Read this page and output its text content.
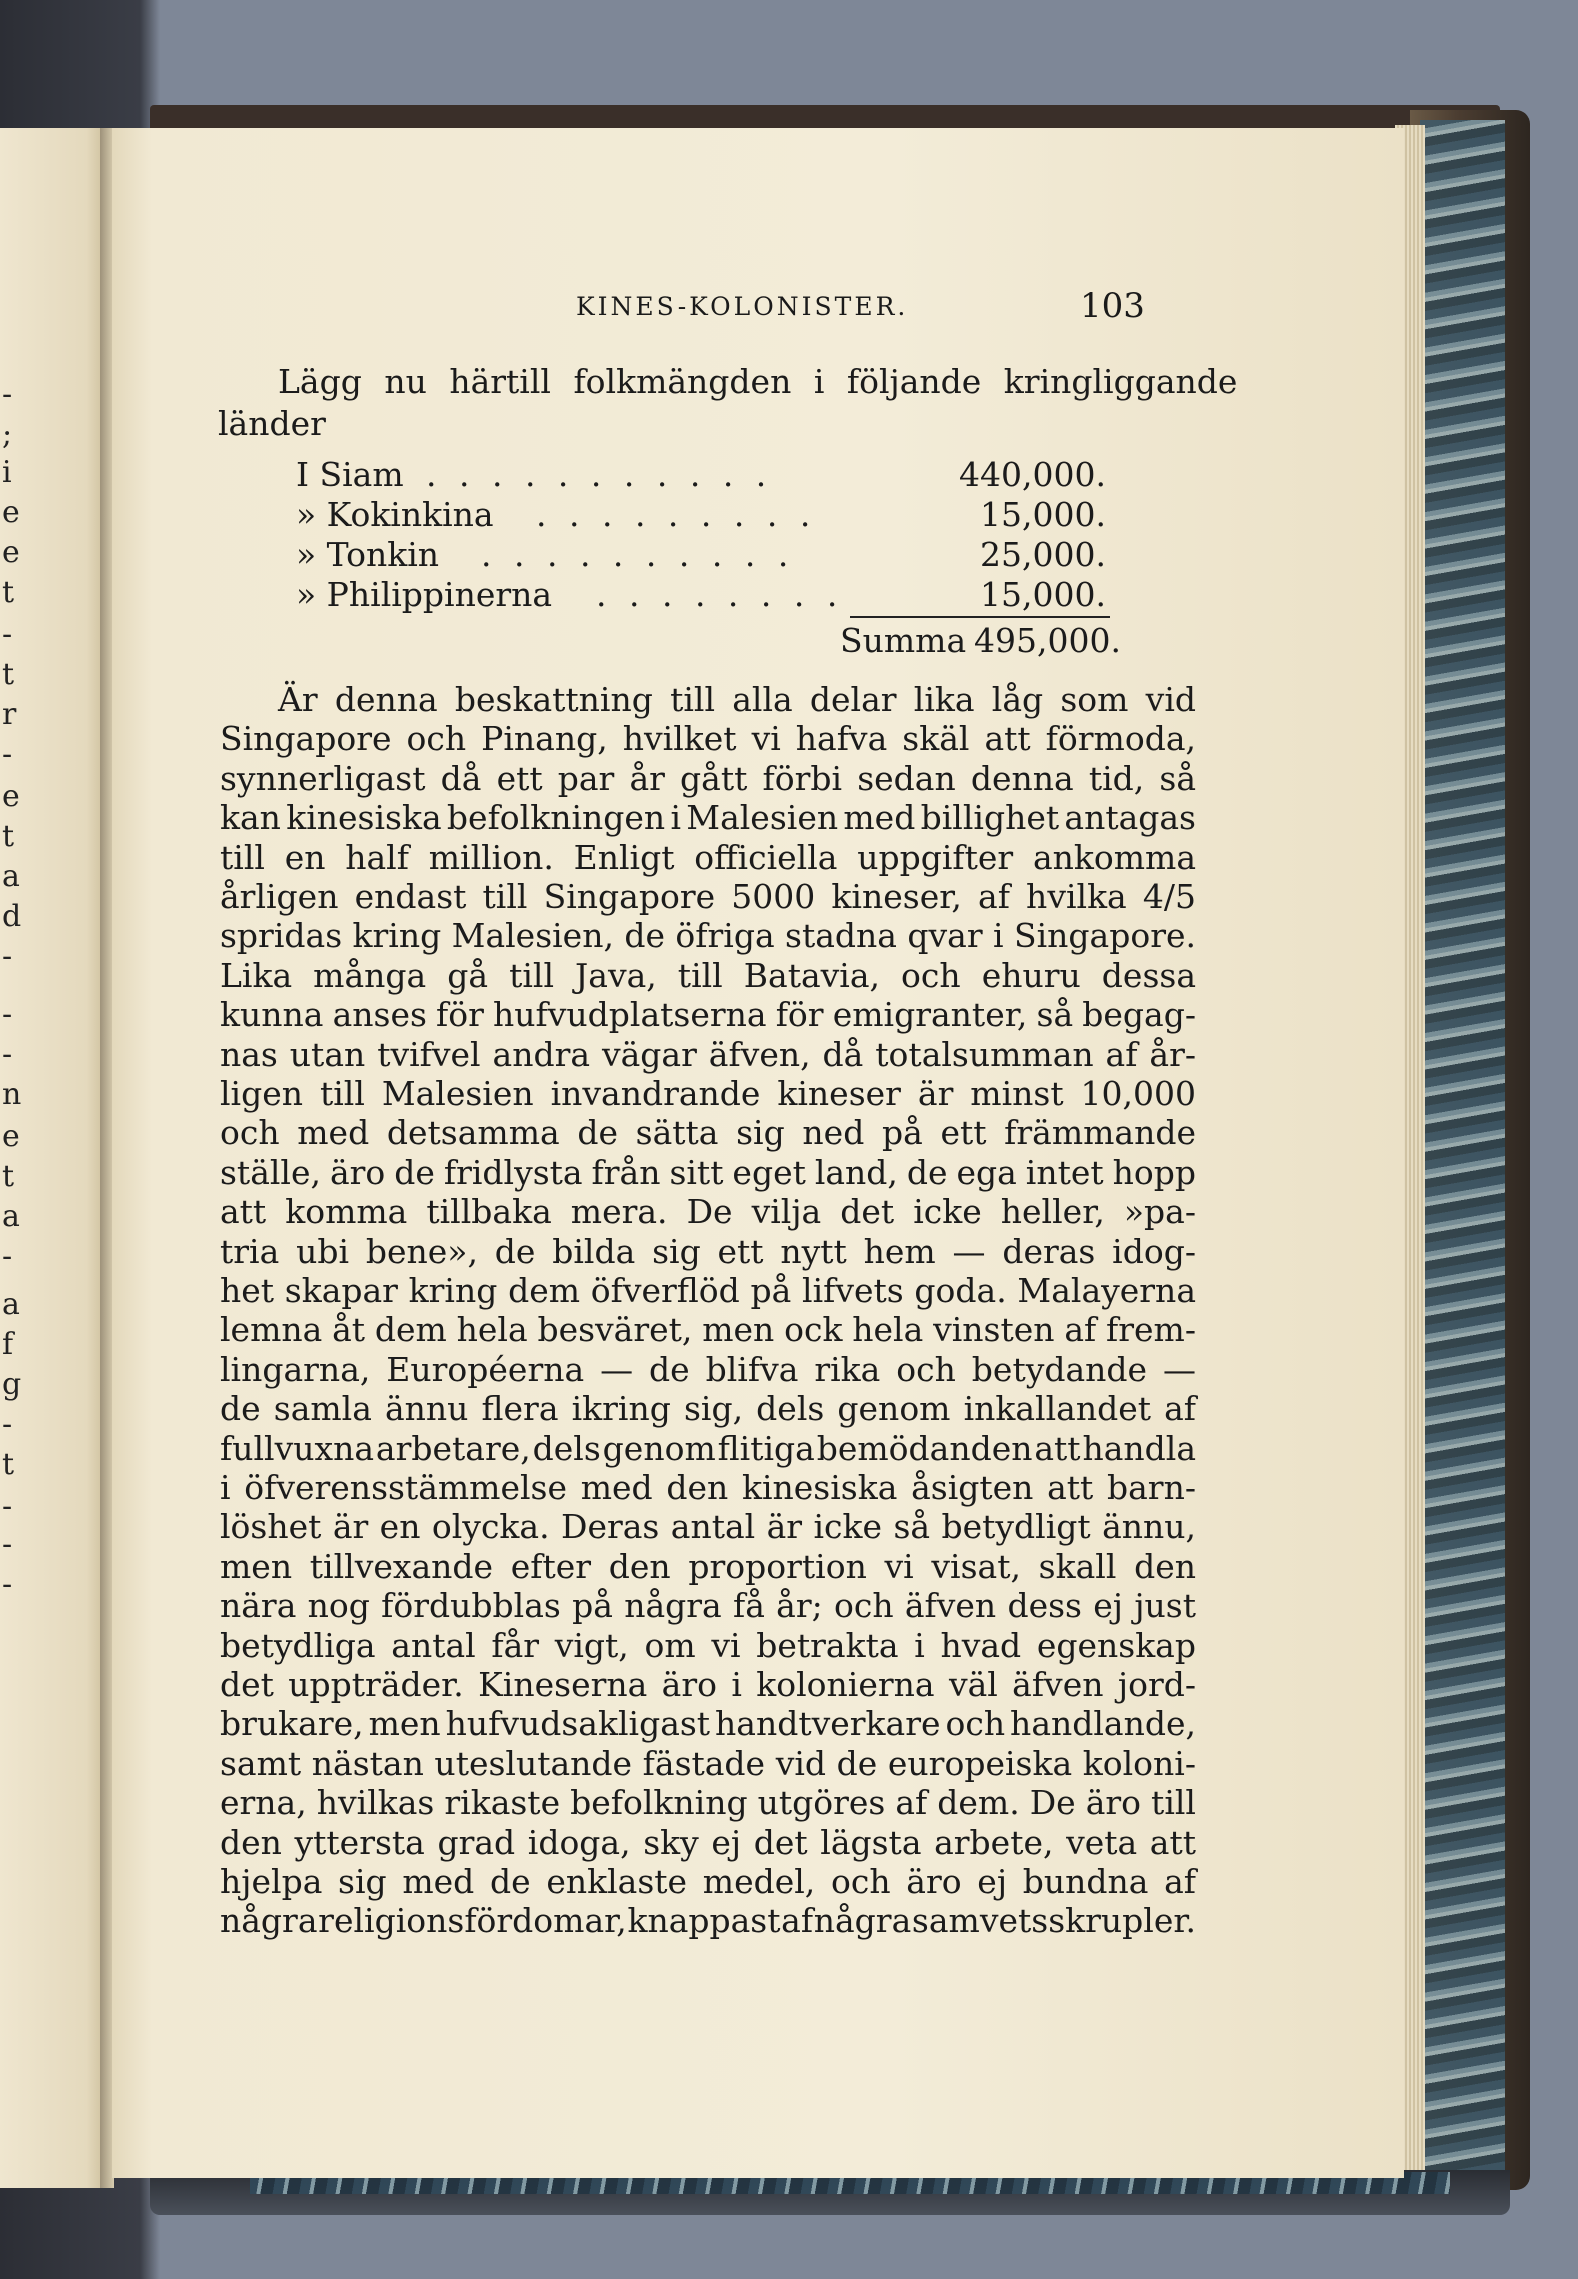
-
;
i
e
e
t
-
t
r
-
e
t
a
d
-
-
-
n
e
t
a
-
a
f
g
-
t
-
-
-
KINES-KOLONISTER.	103
Lägg nu härtill folkmängden i följande kringliggande
länder
I Siam . . . . . . . . . . .	440,000.
» Kokinkina . . . . . . . . .	15,000.
» Tonkin . . . . . . . . . .	25,000.
» Philippinerna . . . . . . . .	15,000.
Summa 495,000.
Är denna beskattning till alla delar lika låg som vid
Singapore och Pinang, hvilket vi hafva skäl att förmoda,
synnerligast då ett par år gått förbi sedan denna tid, så
kan kinesiska befolkningen i Malesien med billighet antagas
till en half million. Enligt officiella uppgifter ankomma
årligen endast till Singapore 5000 kineser, af hvilka 4/5
spridas kring Malesien, de öfriga stadna qvar i Singapore.
Lika många gå till Java, till Batavia, och ehuru dessa
kunna anses för hufvudplatserna för emigranter, så begag-
nas utan tvifvel andra vägar äfven, då totalsumman af år-
ligen till Malesien invandrande kineser är minst 10,000
och med detsamma de sätta sig ned på ett främmande
ställe, äro de fridlysta från sitt eget land, de ega intet hopp
att komma tillbaka mera. De vilja det icke heller, »pa-
tria ubi bene», de bilda sig ett nytt hem — deras idog-
het skapar kring dem öfverflöd på lifvets goda. Malayerna
lemna åt dem hela besväret, men ock hela vinsten af frem-
lingarna, Européerna — de blifva rika och betydande —
de samla ännu flera ikring sig, dels genom inkallandet af
fullvuxna arbetare, dels genom flitiga bemödanden att handla
i öfverensstämmelse med den kinesiska åsigten att barn-
löshet är en olycka. Deras antal är icke så betydligt ännu,
men tillvexande efter den proportion vi visat, skall den
nära nog fördubblas på några få år; och äfven dess ej just
betydliga antal får vigt, om vi betrakta i hvad egenskap
det uppträder. Kineserna äro i kolonierna väl äfven jord-
brukare, men hufvudsakligast handtverkare och handlande,
samt nästan uteslutande fästade vid de europeiska koloni-
erna, hvilkas rikaste befolkning utgöres af dem. De äro till
den yttersta grad idoga, sky ej det lägsta arbete, veta att
hjelpa sig med de enklaste medel, och äro ej bundna af
några religionsfördomar, knappast af några samvetsskrupler.
